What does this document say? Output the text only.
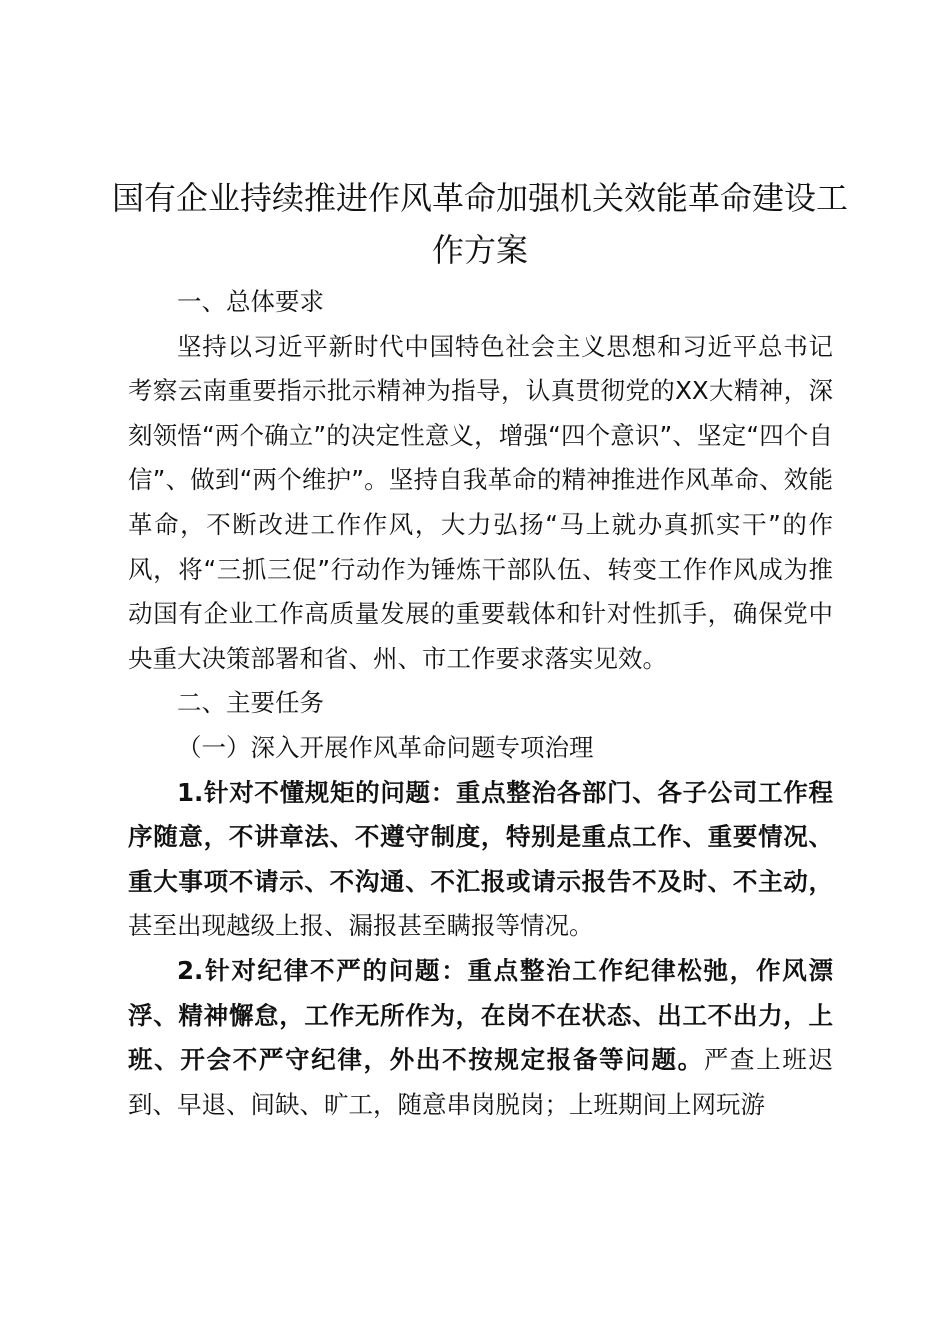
国有企业持续推进作风革命加强机关效能革命建设工作方案

一、总体要求

坚持以习近平新时代中国特色社会主义思想和习近平总书记考察云南重要指示批示精神为指导，认真贯彻党的XX大精神，深刻领悟“两个确立”的决定性意义，增强“四个意识”、坚定“四个自信”、做到“两个维护”。坚持自我革命的精神推进作风革命、效能革命，不断改进工作作风，大力弘扬“马上就办真抓实干”的作风，将“三抓三促”行动作为锤炼干部队伍、转变工作作风成为推动国有企业工作高质量发展的重要载体和针对性抓手，确保党中央重大决策部署和省、州、市工作要求落实见效。

二、主要任务

（一）深入开展作风革命问题专项治理

1.针对不懂规矩的问题：重点整治各部门、各子公司工作程序随意，不讲章法、不遵守制度，特别是重点工作、重要情况、重大事项不请示、不沟通、不汇报或请示报告不及时、不主动，甚至出现越级上报、漏报甚至瞒报等情况。

2.针对纪律不严的问题：重点整治工作纪律松弛，作风漂浮、精神懈怠，工作无所作为，在岗不在状态、出工不出力，上班、开会不严守纪律，外出不按规定报备等问题。严查上班迟到、早退、间缺、旷工，随意串岗脱岗；上班期间上网玩游
